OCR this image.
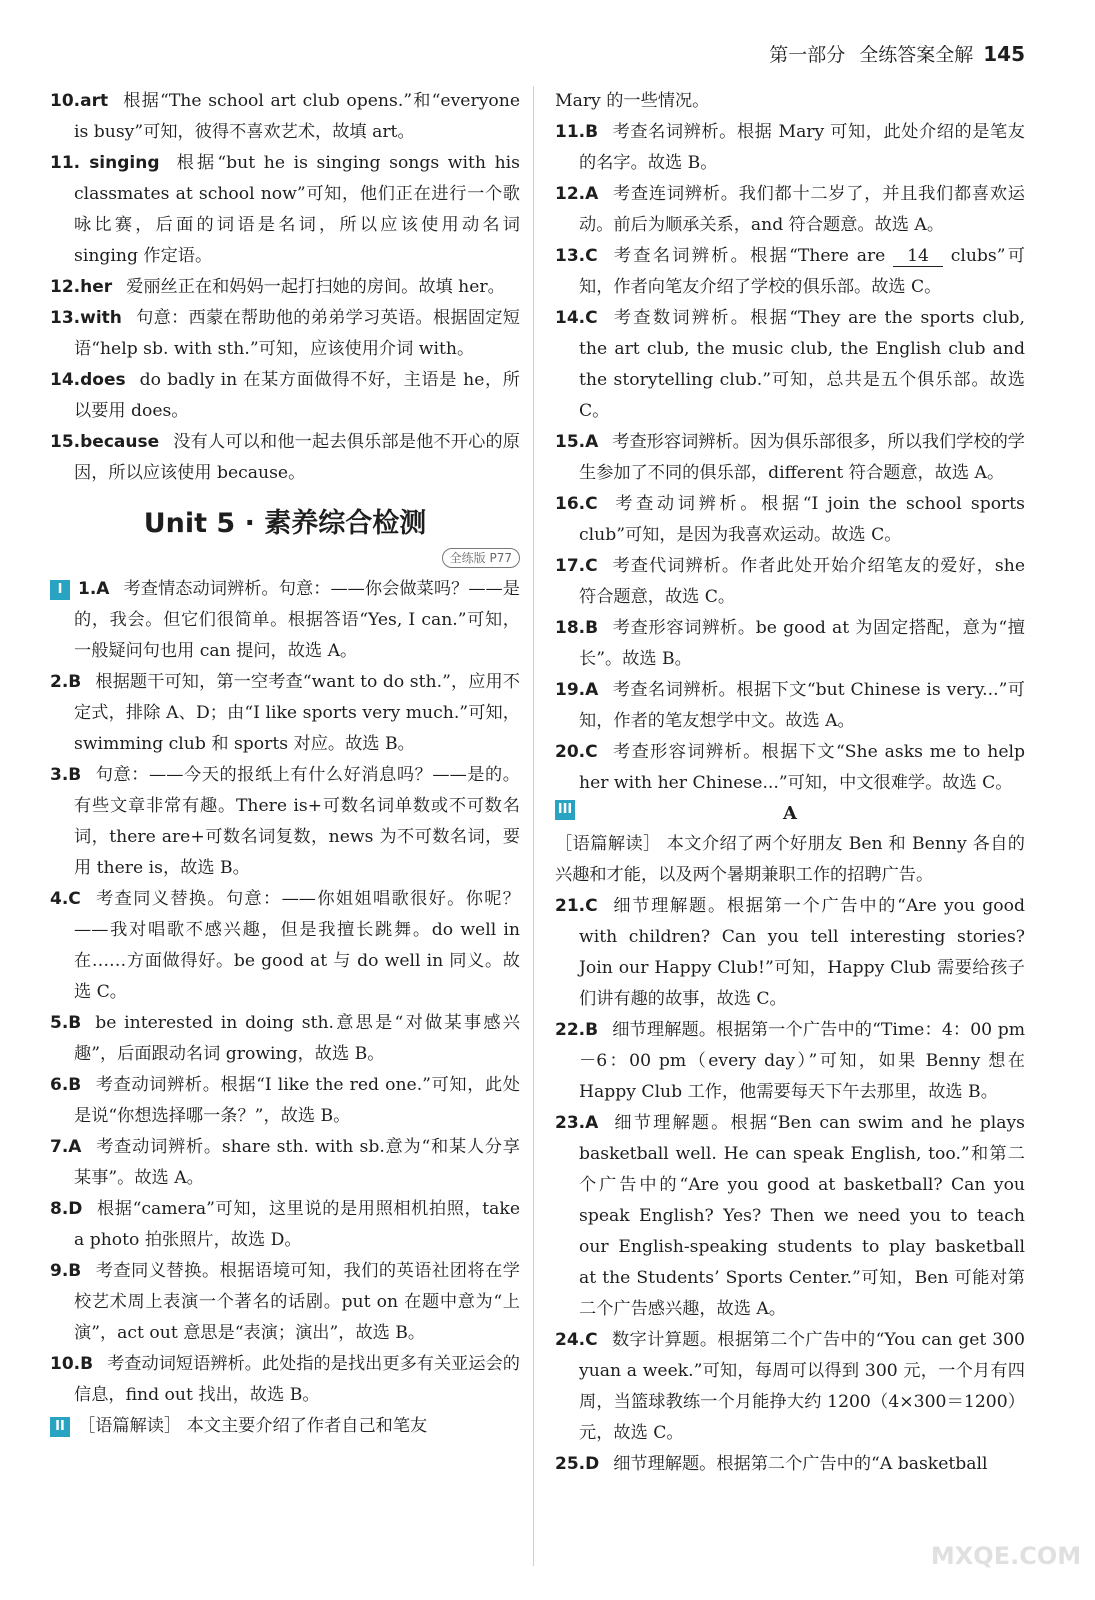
第一部分 全练答案全解 145
10.art 根据“The school art club opens.”和“everyone is busy”可知，彼得不喜欢艺术，故填 art。
11. singing 根据“but he is singing songs with his classmates at school now”可知，他们正在进行一个歌咏比赛，后面的词语是名词，所以应该使用动名词 singing 作定语。
12.her 爱丽丝正在和妈妈一起打扫她的房间。故填 her。
13.with 句意：西蒙在帮助他的弟弟学习英语。根据固定短语“help sb. with sth.”可知，应该使用介词 with。
14.does do badly in 在某方面做得不好，主语是 he，所以要用 does。
15.because 没有人可以和他一起去俱乐部是他不开心的原因，所以应该使用 because。
Unit 5 · 素养综合检测
全练版 P77
I 1.A 考查情态动词辨析。句意：——你会做菜吗？——是的，我会。但它们很简单。根据答语“Yes, I can.”可知，一般疑问句也用 can 提问，故选 A。
2.B 根据题干可知，第一空考查“want to do sth.”，应用不定式，排除 A、D；由“I like sports very much.”可知，swimming club 和 sports 对应。故选 B。
3.B 句意：——今天的报纸上有什么好消息吗？——是的。有些文章非常有趣。There is+可数名词单数或不可数名词，there are+可数名词复数，news 为不可数名词，要用 there is，故选 B。
4.C 考查同义替换。句意：——你姐姐唱歌很好。你呢？——我对唱歌不感兴趣，但是我擅长跳舞。do well in 在……方面做得好。be good at 与 do well in 同义。故选 C。
5.B be interested in doing sth.意思是“对做某事感兴趣”，后面跟动名词 growing，故选 B。
6.B 考查动词辨析。根据“I like the red one.”可知，此处是说“你想选择哪一条？”，故选 B。
7.A 考查动词辨析。share sth. with sb.意为“和某人分享某事”。故选 A。
8.D 根据“camera”可知，这里说的是用照相机拍照，take a photo 拍张照片，故选 D。
9.B 考查同义替换。根据语境可知，我们的英语社团将在学校艺术周上表演一个著名的话剧。put on 在题中意为“上演”，act out 意思是“表演；演出”，故选 B。
10.B 考查动词短语辨析。此处指的是找出更多有关亚运会的信息，find out 找出，故选 B。
II ［语篇解读］ 本文主要介绍了作者自己和笔友
Mary 的一些情况。
11.B 考查名词辨析。根据 Mary 可知，此处介绍的是笔友的名字。故选 B。
12.A 考查连词辨析。我们都十二岁了，并且我们都喜欢运动。前后为顺承关系，and 符合题意。故选 A。
13.C 考查名词辨析。根据“There are 14 clubs”可知，作者向笔友介绍了学校的俱乐部。故选 C。
14.C 考查数词辨析。根据“They are the sports club, the art club, the music club, the English club and the storytelling club.”可知，总共是五个俱乐部。故选 C。
15.A 考查形容词辨析。因为俱乐部很多，所以我们学校的学生参加了不同的俱乐部，different 符合题意，故选 A。
16.C 考查动词辨析。根据“I join the school sports club”可知，是因为我喜欢运动。故选 C。
17.C 考查代词辨析。作者此处开始介绍笔友的爱好，she 符合题意，故选 C。
18.B 考查形容词辨析。be good at 为固定搭配，意为“擅长”。故选 B。
19.A 考查名词辨析。根据下文“but Chinese is very...”可知，作者的笔友想学中文。故选 A。
20.C 考查形容词辨析。根据下文“She asks me to help her with her Chinese...”可知，中文很难学。故选 C。
III	A
［语篇解读］ 本文介绍了两个好朋友 Ben 和 Benny 各自的兴趣和才能，以及两个暑期兼职工作的招聘广告。
21.C 细节理解题。根据第一个广告中的“Are you good with children? Can you tell interesting stories? Join our Happy Club!”可知，Happy Club 需要给孩子们讲有趣的故事，故选 C。
22.B 细节理解题。根据第一个广告中的“Time：4：00 pm－6：00 pm（every day）”可知，如果 Benny 想在 Happy Club 工作，他需要每天下午去那里，故选 B。
23.A 细节理解题。根据“Ben can swim and he plays basketball well. He can speak English, too.”和第二个广告中的“Are you good at basketball? Can you speak English? Yes? Then we need you to teach our English-speaking students to play basketball at the Students’ Sports Center.”可知，Ben 可能对第二个广告感兴趣，故选 A。
24.C 数字计算题。根据第二个广告中的“You can get 300 yuan a week.”可知，每周可以得到 300 元，一个月有四周，当篮球教练一个月能挣大约 1200（4×300＝1200）元，故选 C。
25.D 细节理解题。根据第二个广告中的“A basketball
MXQE.COM
